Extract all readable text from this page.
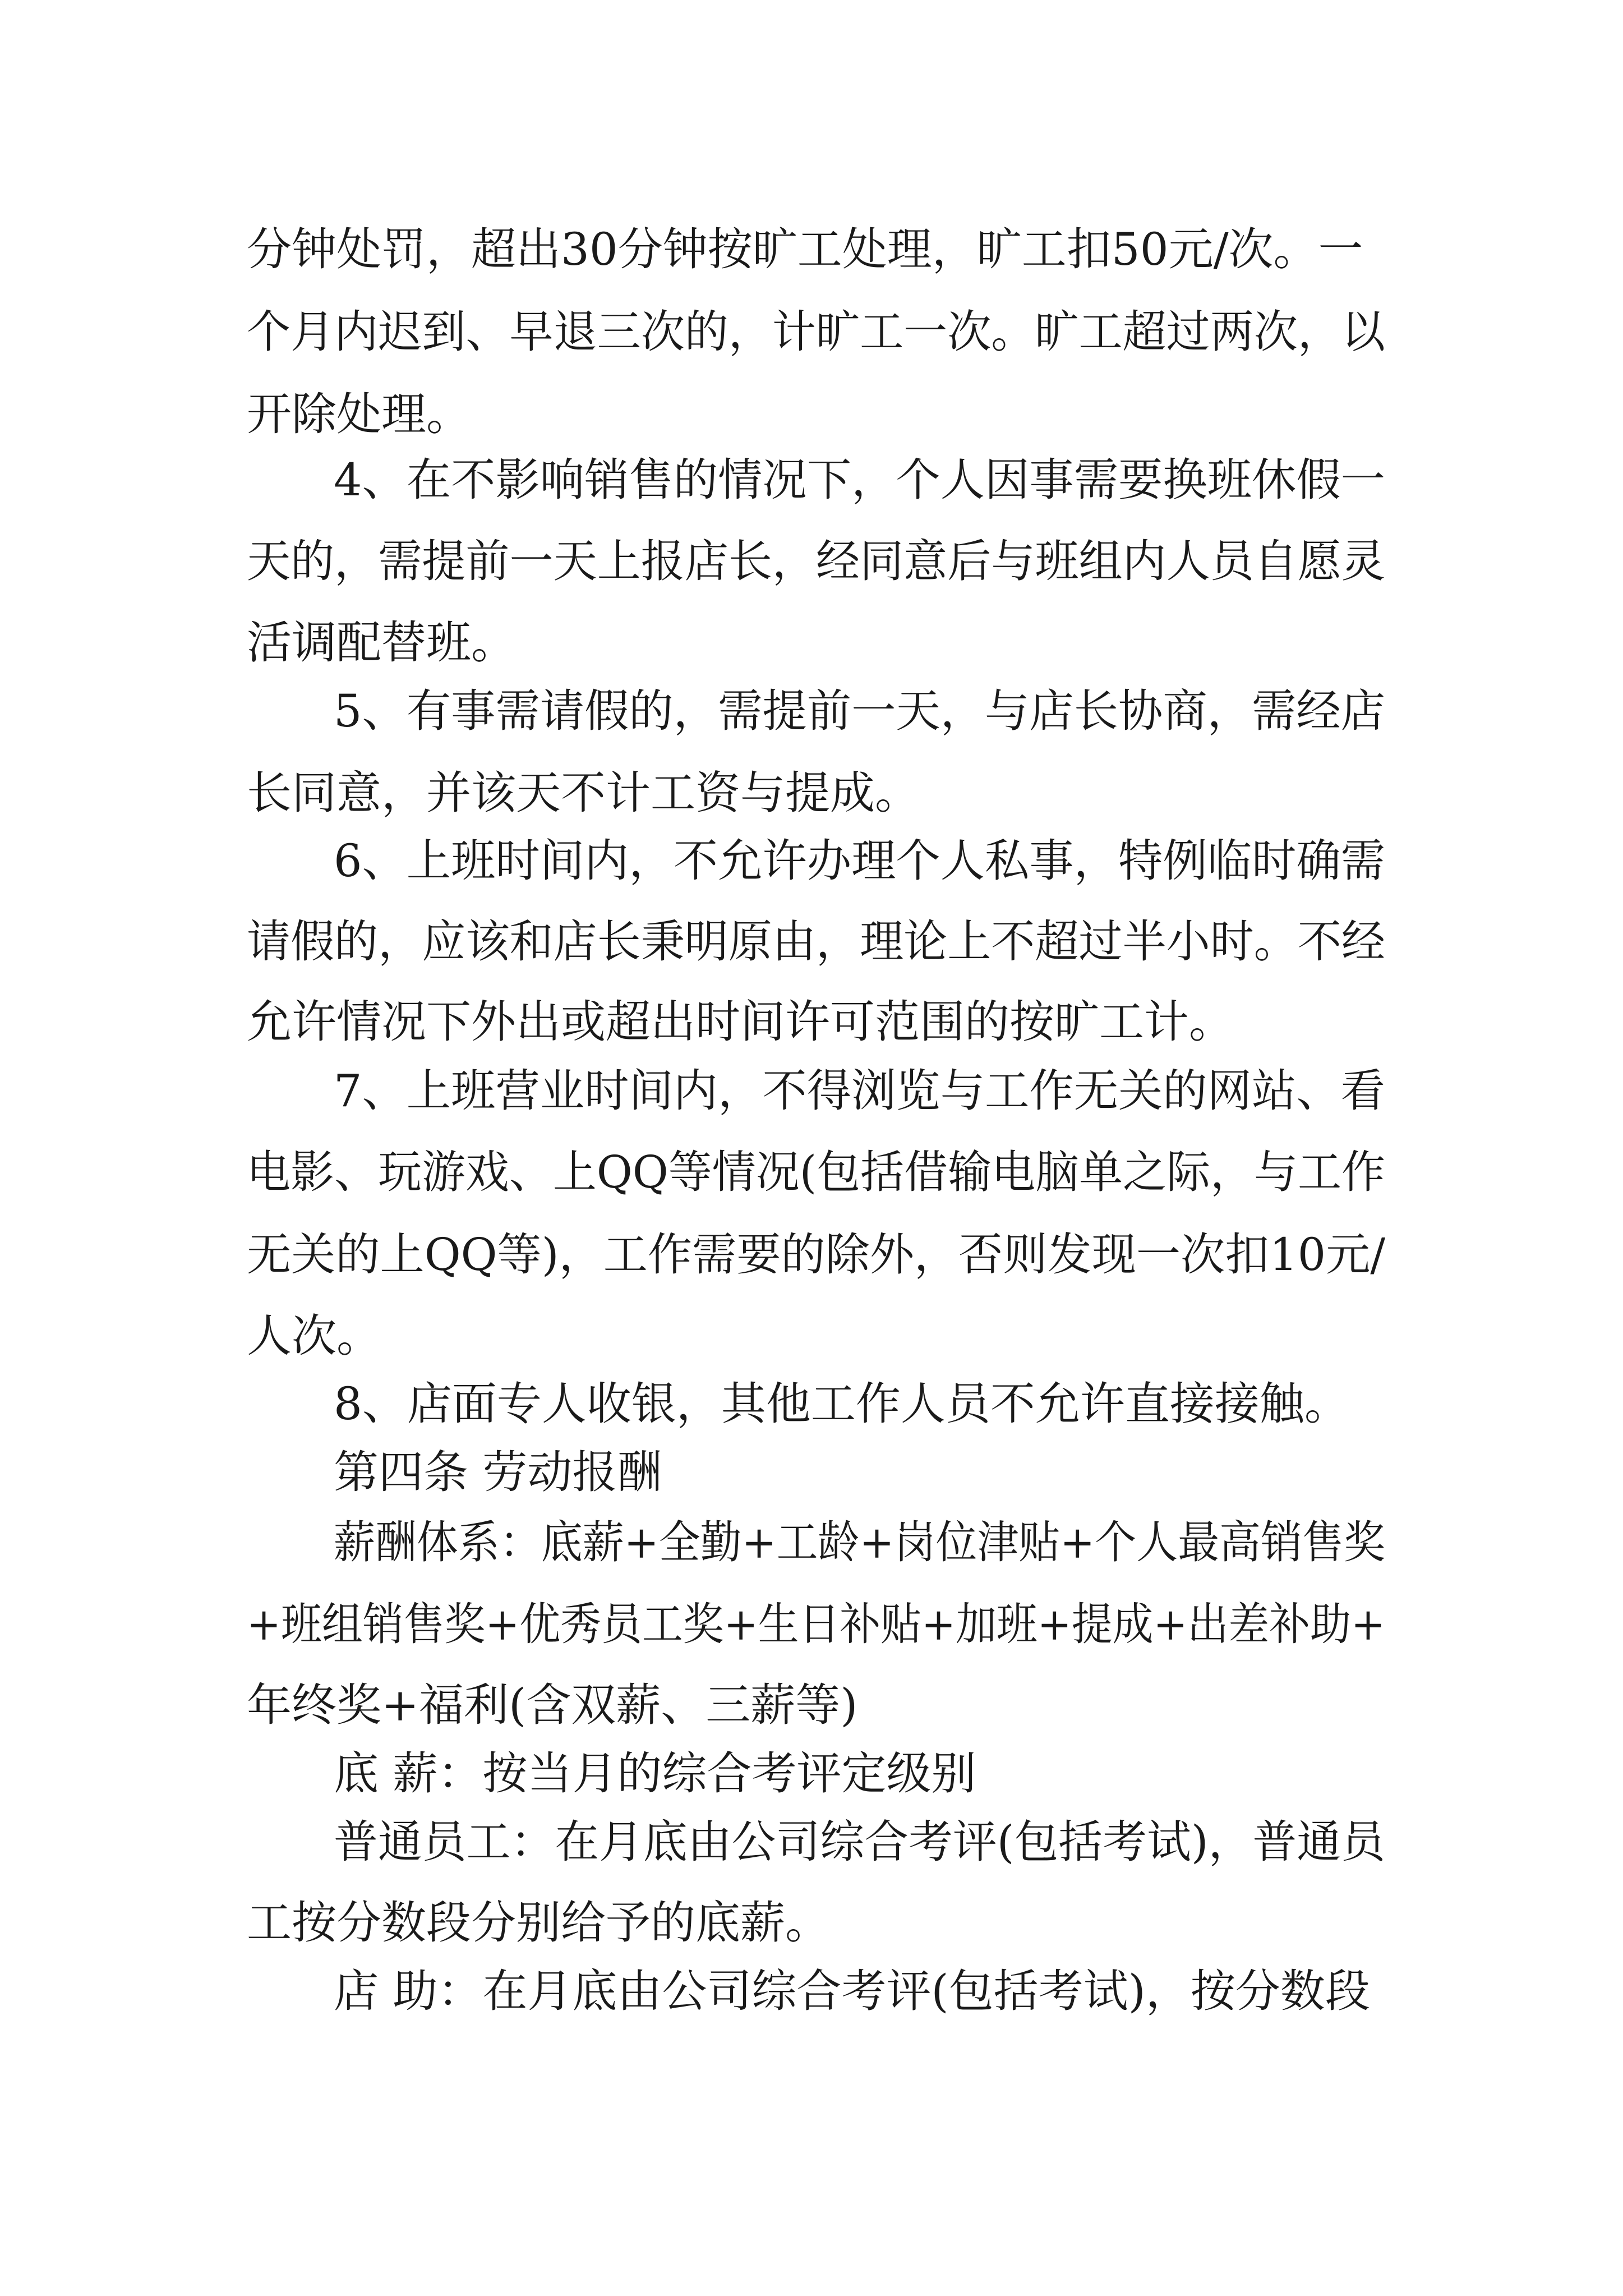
分钟处罚，超出30分钟按旷工处理，旷工扣50元/次。一
个月内迟到、早退三次的，计旷工一次。旷工超过两次，以
开除处理。
4、在不影响销售的情况下，个人因事需要换班休假一
天的，需提前一天上报店长，经同意后与班组内人员自愿灵
活调配替班。
5、有事需请假的，需提前一天，与店长协商，需经店
长同意，并该天不计工资与提成。
6、上班时间内，不允许办理个人私事，特例临时确需
请假的，应该和店长秉明原由，理论上不超过半小时。不经
允许情况下外出或超出时间许可范围的按旷工计。
7、上班营业时间内，不得浏览与工作无关的网站、看
电影、玩游戏、上QQ等情况(包括借输电脑单之际，与工作
无关的上QQ等)，工作需要的除外，否则发现一次扣10元/
人次。
8、店面专人收银，其他工作人员不允许直接接触。
第四条 劳动报酬
薪酬体系：底薪+全勤+工龄+岗位津贴+个人最高销售奖
+班组销售奖+优秀员工奖+生日补贴+加班+提成+出差补助+
年终奖+福利(含双薪、三薪等)
底 薪：按当月的综合考评定级别
普通员工：在月底由公司综合考评(包括考试)，普通员
工按分数段分别给予的底薪。
店 助：在月底由公司综合考评(包括考试)，按分数段
